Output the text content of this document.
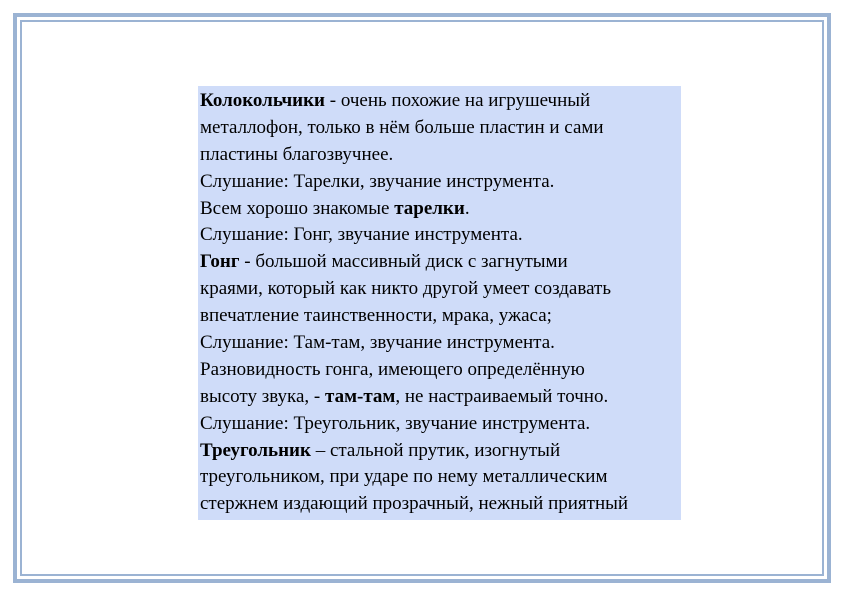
Колокольчики - очень похожие на игрушечный
металлофон, только в нём больше пластин и сами
пластины благозвучнее.
Слушание: Тарелки, звучание инструмента.
Всем хорошо знакомые тарелки.
Слушание: Гонг, звучание инструмента.
Гонг - большой массивный диск с загнутыми
краями, который как никто другой умеет создавать
впечатление таинственности, мрака, ужаса;
Слушание: Там-там, звучание инструмента.
Разновидность гонга, имеющего определённую
высоту звука, - там-там, не настраиваемый точно.
Слушание: Треугольник, звучание инструмента.
Треугольник – стальной прутик, изогнутый
треугольником, при ударе по нему металлическим
стержнем издающий прозрачный, нежный приятный
